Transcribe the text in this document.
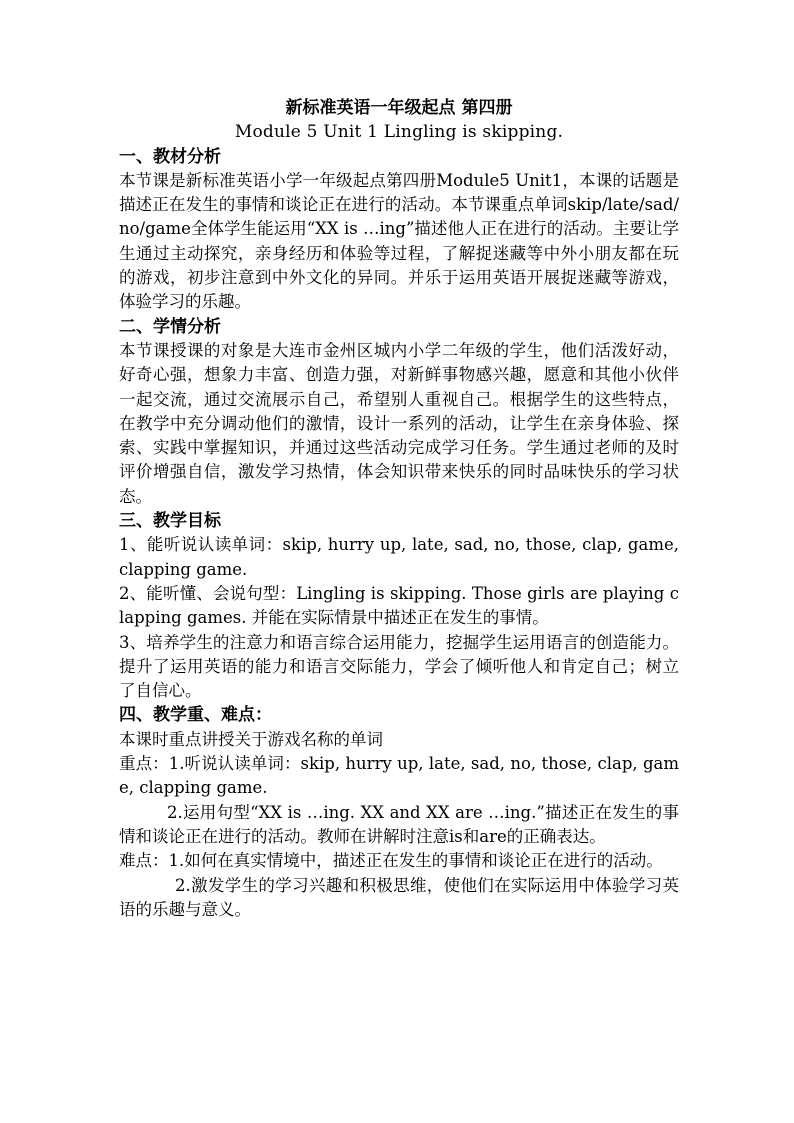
新标准英语一年级起点 第四册
Module 5 Unit 1 Lingling is skipping.
一、教材分析
本节课是新标准英语小学一年级起点第四册Module5 Unit1，本课的话题是描述正在发生的事情和谈论正在进行的活动。本节课重点单词skip/late/sad/no/game全体学生能运用“XX is …ing”描述他人正在进行的活动。主要让学生通过主动探究，亲身经历和体验等过程，了解捉迷藏等中外小朋友都在玩的游戏，初步注意到中外文化的异同。并乐于运用英语开展捉迷藏等游戏，体验学习的乐趣。
二、学情分析
本节课授课的对象是大连市金州区城内小学二年级的学生，他们活泼好动，好奇心强，想象力丰富、创造力强，对新鲜事物感兴趣，愿意和其他小伙伴一起交流，通过交流展示自己，希望别人重视自己。根据学生的这些特点，在教学中充分调动他们的激情，设计一系列的活动，让学生在亲身体验、探索、实践中掌握知识，并通过这些活动完成学习任务。学生通过老师的及时评价增强自信，激发学习热情，体会知识带来快乐的同时品味快乐的学习状态。
三、教学目标
1、能听说认读单词：skip, hurry up, late, sad, no, those, clap, game, clapping game.
2、能听懂、会说句型：Lingling is skipping. Those girls are playing clapping games. 并能在实际情景中描述正在发生的事情。
3、培养学生的注意力和语言综合运用能力，挖掘学生运用语言的创造能力。提升了运用英语的能力和语言交际能力，学会了倾听他人和肯定自己；树立了自信心。
四、教学重、难点：
本课时重点讲授关于游戏名称的单词
重点：1.听说认读单词：skip, hurry up, late, sad, no, those, clap, game, clapping game.
2.运用句型“XX is …ing. XX and XX are …ing.”描述正在发生的事情和谈论正在进行的活动。教师在讲解时注意is和are的正确表达。
难点：1.如何在真实情境中，描述正在发生的事情和谈论正在进行的活动。
2.激发学生的学习兴趣和积极思维，使他们在实际运用中体验学习英语的乐趣与意义。
